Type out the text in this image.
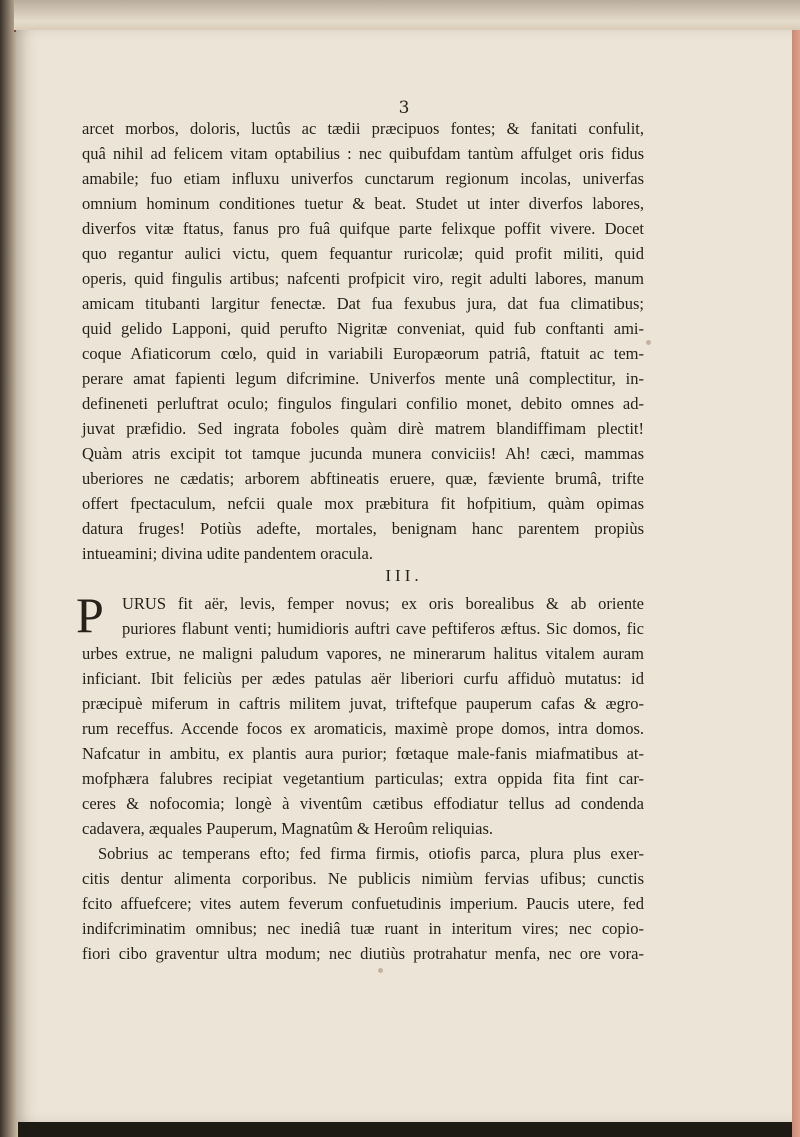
3
arcet morbos, doloris, luctûs ac tædii præcipuos fontes; & fanitati confulit,
quâ nihil ad felicem vitam optabilius : nec quibufdam tantùm affulget oris fidus
amabile; fuo etiam influxu univerfos cunctarum regionum incolas, univerfas
omnium hominum conditiones tuetur & beat. Studet ut inter diverfos labores,
diverfos vitæ ftatus, fanus pro fuâ quifque parte felixque poffit vivere. Docet
quo regantur aulici victu, quem fequantur ruricolæ; quid profit militi, quid
operis, quid fingulis artibus; nafcenti profpicit viro, regit adulti labores, manum
amicam titubanti largitur fenectæ. Dat fua fexubus jura, dat fua climatibus;
quid gelido Lapponi, quid perufto Nigritæ conveniat, quid fub conftanti ami-
coque Afiaticorum cœlo, quid in variabili Europæorum patriâ, ftatuit ac tem-
perare amat fapienti legum difcrimine. Univerfos mente unâ complectitur, in-
defineneti perluftrat oculo; fingulos fingulari confilio monet, debito omnes ad-
juvat præfidio. Sed ingrata foboles quàm dirè matrem blandiffimam plectit!
Quàm atris excipit tot tamque jucunda munera conviciis! Ah! cæci, mammas
uberiores ne cædatis; arborem abftineatis eruere, quæ, fæviente brumâ, trifte
offert fpectaculum, nefcii quale mox præbitura fit hofpitium, quàm opimas
datura fruges! Potiùs adefte, mortales, benignam hanc parentem propiùs
intueamini; divina udite pandentem oracula.
III.
P URUS fit aër, levis, femper novus; ex oris borealibus & ab oriente
puriores flabunt venti; humidioris auftri cave peftiferos æftus. Sic domos, fic
urbes extrue, ne maligni paludum vapores, ne minerarum halitus vitalem auram
inficiant. Ibit feliciùs per ædes patulas aër liberiori curfu affiduò mutatus: id
præcipuè miferum in caftris militem juvat, triftefque pauperum cafas & ægro-
rum receffus. Accende focos ex aromaticis, maximè prope domos, intra domos.
Nafcatur in ambitu, ex plantis aura purior; fœtaque male-fanis miafmatibus at-
mofphæra falubres recipiat vegetantium particulas; extra oppida fita fint car-
ceres & nofocomia; longè à viventûm cætibus effodiatur tellus ad condenda
cadavera, æquales Pauperum, Magnatûm & Heroûm reliquias.
Sobrius ac temperans efto; fed firma firmis, otiofis parca, plura plus exer-
citis dentur alimenta corporibus. Ne publicis nimiùm fervias ufibus; cunctis
fcito affuefcere; vites autem feverum confuetudinis imperium. Paucis utere, fed
indifcriminatim omnibus; nec inediâ tuæ ruant in interitum vires; nec copio-
fiori cibo graventur ultra modum; nec diutiùs protrahatur menfa, nec ore vora-
